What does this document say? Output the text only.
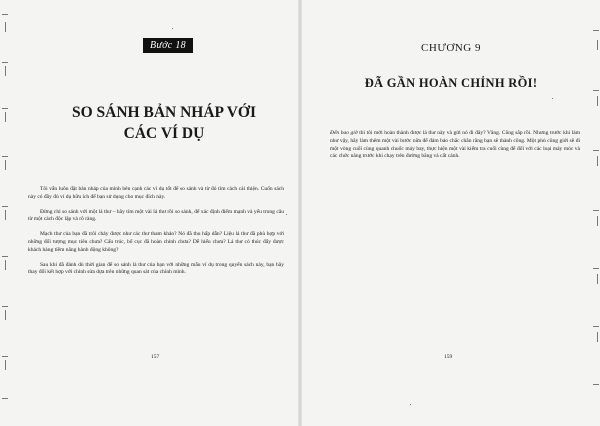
Bước 18
SO SÁNH BẢN NHÁP VỚI
CÁC VÍ DỤ

Tôi vẫn luôn đặt bản nháp của mình bên cạnh các ví dụ tốt để so sánh và từ đó tìm cách cải thiện. Cuốn sách này có đầy đủ ví dụ hữu ích để bạn sử dụng cho mục đích này.

Đừng chỉ so sánh với một lá thư – hãy tìm một vài lá thư rồi so sánh, để xác định điểm mạnh và yếu trong câu từ một cách độc lập và rõ ràng.

Mạch thư của bạn đã trôi chảy được như các thư tham khảo? Nó đã thu hấp dẫn? Liệu lá thư đã phù hợp với những đối tượng mục tiêu chưa? Cấu trúc, bố cục đã hoàn chỉnh chưa? Dễ hiểu chưa? Lá thư có thúc đẩy được khách hàng tiềm năng hành động không?

Sau khi đã đánh dù thời gian để so sánh lá thư của bạn với những mẫu ví dụ trong quyển sách này, bạn hãy thay đổi kết hợp với chỉnh sửa dựa trên những quan sát của chính mình.

157
CHƯƠNG 9
ĐÃ GẦN HOÀN CHỈNH RỒI!

Đến bao giờ thì tôi mới hoàn thành được lá thư này và gửi nó đi đây? Vâng. Cũng sắp rồi. Nhưng trước khi làm như vậy, hãy làm thêm một vài bước nữa để đảm bảo chắc chắn rằng bạn sẽ thành công. Một phủ cũng giới sẽ đi một vòng cuối cùng quanh chuốc máy bay, thực hiện một vài kiểm tra cuối cùng để đối với các loại máy móc và các chức năng trước khi chạy trên đường băng và cất cánh.

159
